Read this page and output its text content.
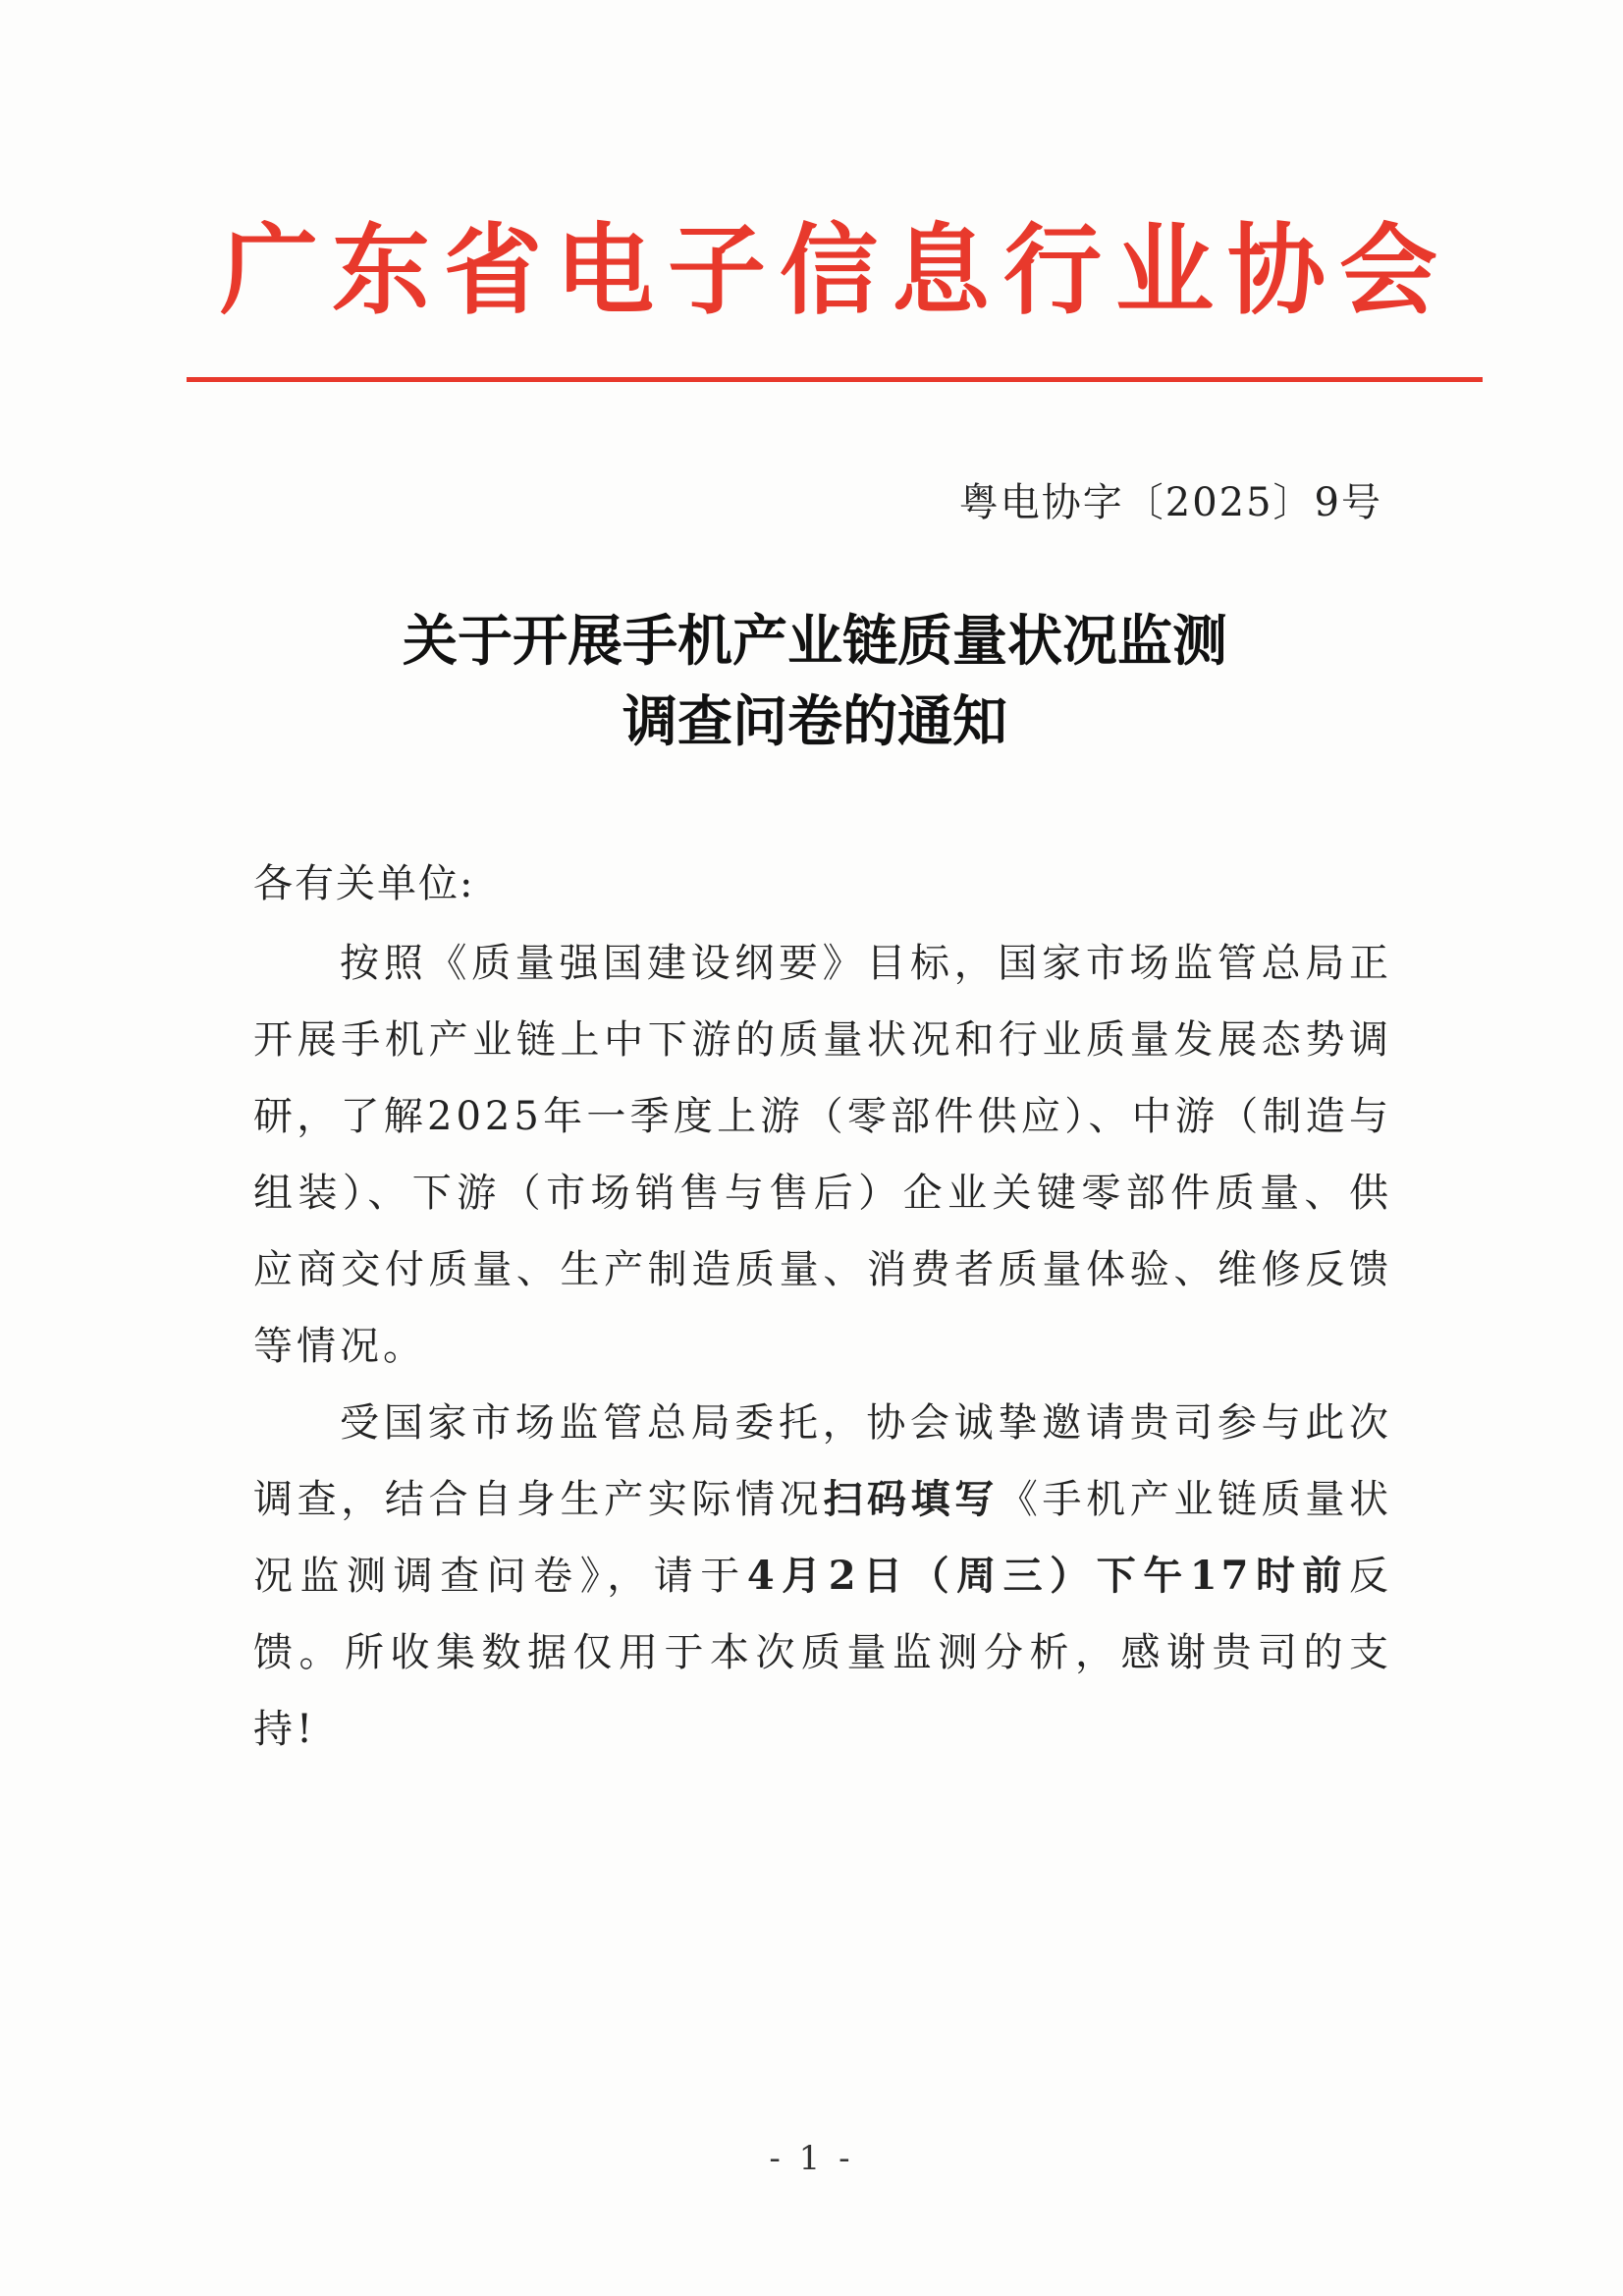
广东省电子信息行业协会
粤电协字〔2025〕9号
关于开展手机产业链质量状况监测
调查问卷的通知
各有关单位:
按照《质量强国建设纲要》目标，国家市场监管总局正开展手机产业链上中下游的质量状况和行业质量发展态势调研，了解2025年一季度上游（零部件供应）、中游（制造与组装）、下游（市场销售与售后）企业关键零部件质量、供应商交付质量、生产制造质量、消费者质量体验、维修反馈等情况。
受国家市场监管总局委托，协会诚挚邀请贵司参与此次调查，结合自身生产实际情况扫码填写《手机产业链质量状况监测调查问卷》，请于4月2日（周三）下午17时前反馈。所收集数据仅用于本次质量监测分析，感谢贵司的支持!
- 1 -
